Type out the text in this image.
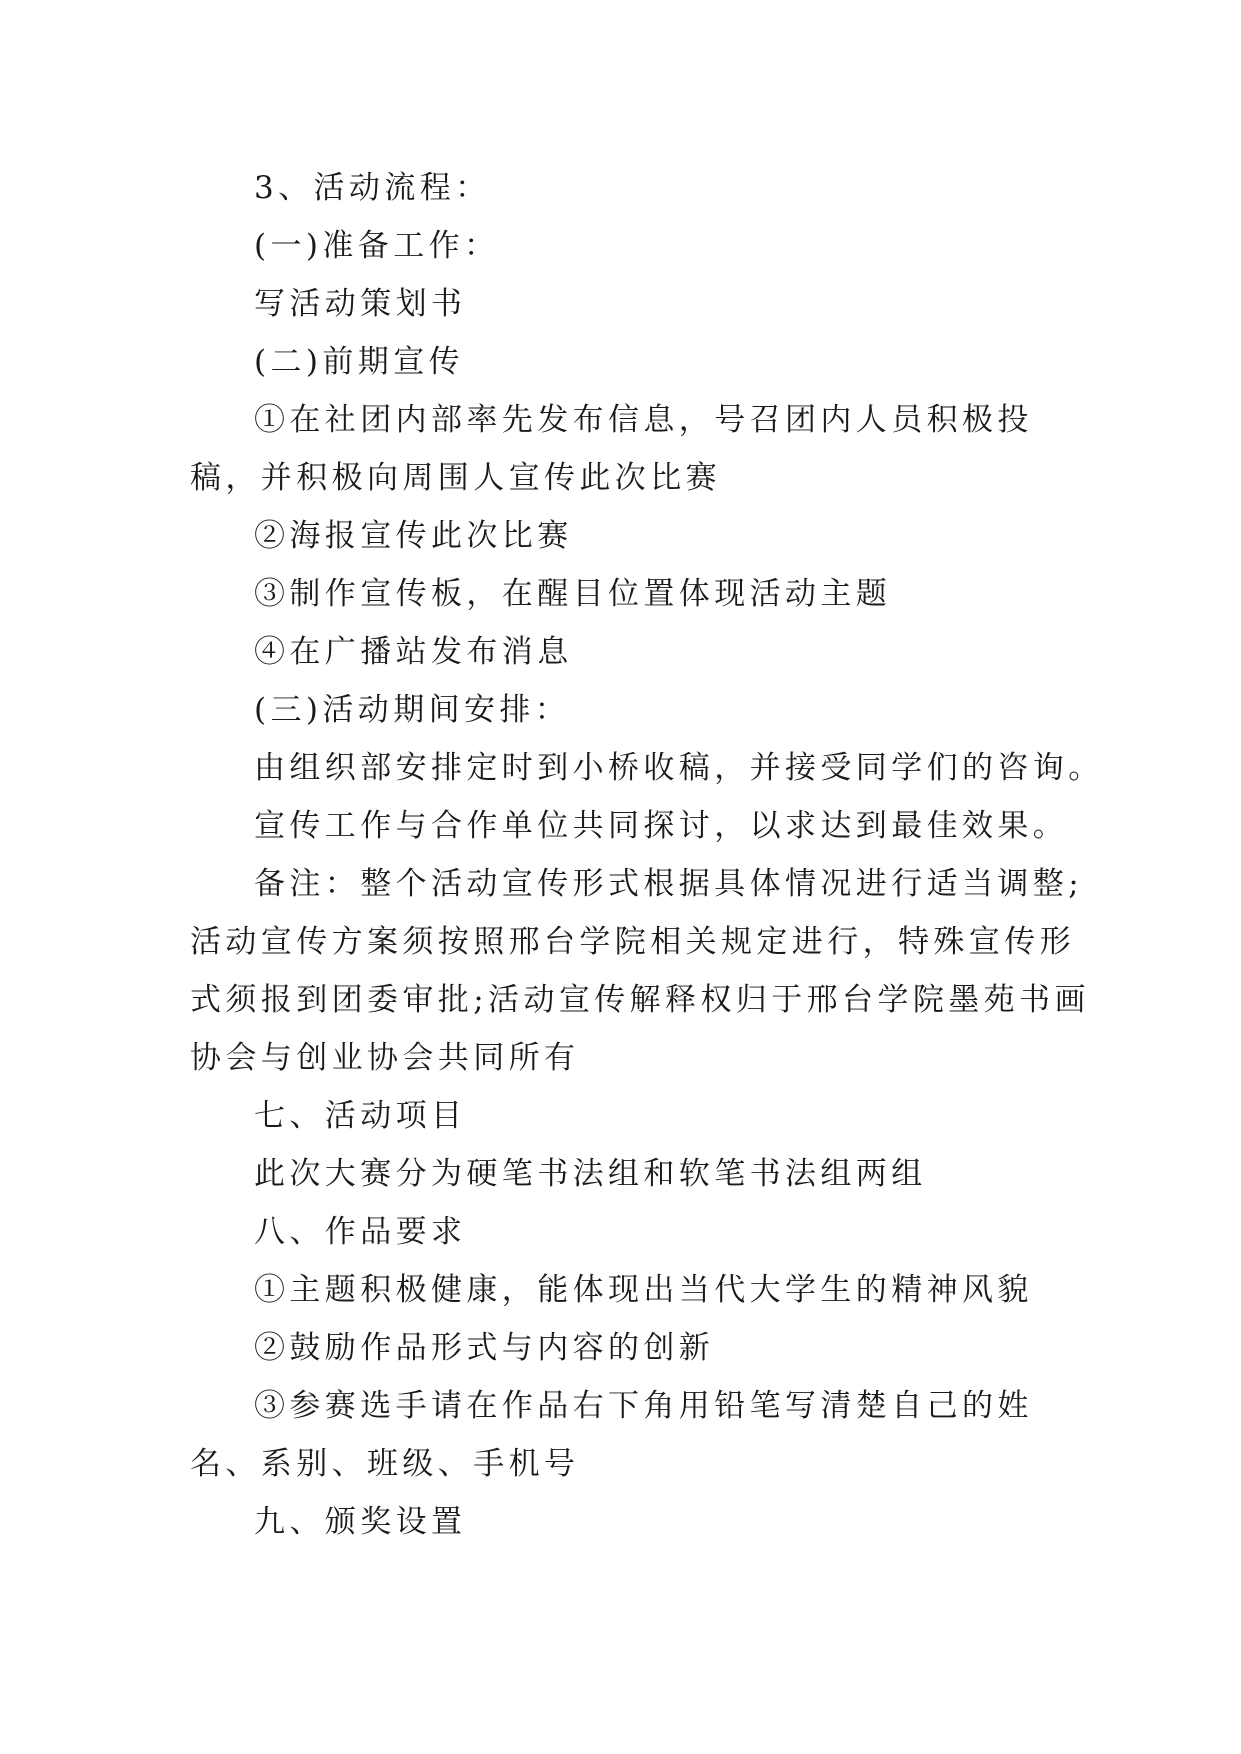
3、活动流程：

(一)准备工作：

写活动策划书

(二)前期宣传

①在社团内部率先发布信息，号召团内人员积极投稿，并积极向周围人宣传此次比赛

②海报宣传此次比赛

③制作宣传板，在醒目位置体现活动主题

④在广播站发布消息

(三)活动期间安排：

由组织部安排定时到小桥收稿，并接受同学们的咨询。

宣传工作与合作单位共同探讨，以求达到最佳效果。

备注：整个活动宣传形式根据具体情况进行适当调整;活动宣传方案须按照邢台学院相关规定进行，特殊宣传形式须报到团委审批;活动宣传解释权归于邢台学院墨苑书画协会与创业协会共同所有

七、活动项目

此次大赛分为硬笔书法组和软笔书法组两组

八、作品要求

①主题积极健康，能体现出当代大学生的精神风貌

②鼓励作品形式与内容的创新

③参赛选手请在作品右下角用铅笔写清楚自己的姓名、系别、班级、手机号

九、颁奖设置
